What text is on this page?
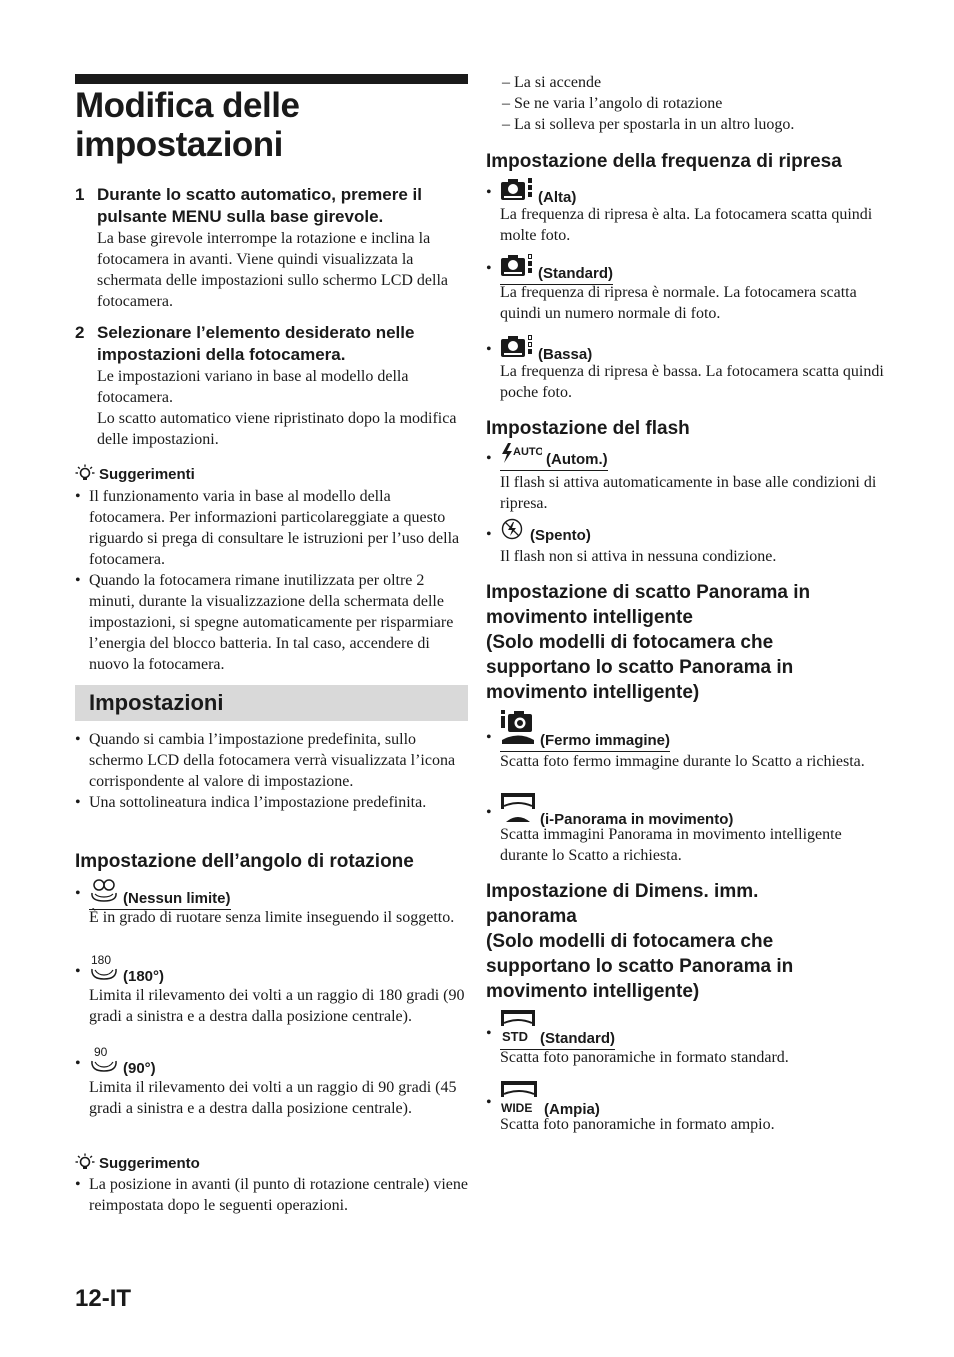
Modifica delle impostazioni
1 Durante lo scatto automatico, premere il pulsante MENU sulla base girevole.
La base girevole interrompe la rotazione e inclina la fotocamera in avanti. Viene quindi visualizzata la schermata delle impostazioni sullo schermo LCD della fotocamera.
2 Selezionare l’elemento desiderato nelle impostazioni della fotocamera.
Le impostazioni variano in base al modello della fotocamera.
Lo scatto automatico viene ripristinato dopo la modifica delle impostazioni.
Suggerimenti
• Il funzionamento varia in base al modello della fotocamera. Per informazioni particolareggiate a questo riguardo si prega di consultare le istruzioni per l’uso della fotocamera.
• Quando la fotocamera rimane inutilizzata per oltre 2 minuti, durante la visualizzazione della schermata delle impostazioni, si spegne automaticamente per risparmiare l’energia del blocco batteria. In tal caso, accendere di nuovo la fotocamera.
Impostazioni
• Quando si cambia l’impostazione predefinita, sullo schermo LCD della fotocamera verrà visualizzata l’icona corrispondente al valore di impostazione.
• Una sottolineatura indica l’impostazione predefinita.
Impostazione dell’angolo di rotazione
•  (Nessun limite)
È in grado di ruotare senza limite inseguendo il soggetto.
• 180
(180°)
Limita il rilevamento dei volti a un raggio di 180 gradi (90 gradi a sinistra e a destra dalla posizione centrale).
• 90
(90°)
Limita il rilevamento dei volti a un raggio di 90 gradi (45 gradi a sinistra e a destra dalla posizione centrale).
Suggerimento
• La posizione in avanti (il punto di rotazione centrale) viene reimpostata dopo le seguenti operazioni.
– La si accende
– Se ne varia l’angolo di rotazione
– La si solleva per spostarla in un altro luogo.
Impostazione della frequenza di ripresa
•  (Alta)
La frequenza di ripresa è alta. La fotocamera scatta quindi molte foto.
•  (Standard)
La frequenza di ripresa è normale. La fotocamera scatta quindi un numero normale di foto.
•  (Bassa)
La frequenza di ripresa è bassa. La fotocamera scatta quindi poche foto.
Impostazione del flash
• AUTO (Autom.)
Il flash si attiva automaticamente in base alle condizioni di ripresa.
•  (Spento)
Il flash non si attiva in nessuna condizione.
Impostazione di scatto Panorama in
movimento intelligente
(Solo modelli di fotocamera che
supportano lo scatto Panorama in
movimento intelligente)
•  (Fermo immagine)
Scatta foto fermo immagine durante lo Scatto a richiesta.
•  (i-Panorama in movimento)
Scatta immagini Panorama in movimento intelligente durante lo Scatto a richiesta.
Impostazione di Dimens. imm.
panorama
(Solo modelli di fotocamera che
supportano lo scatto Panorama in
movimento intelligente)
• STD (Standard)
Scatta foto panoramiche in formato standard.
• WIDE (Ampia)
Scatta foto panoramiche in formato ampio.
12-IT
